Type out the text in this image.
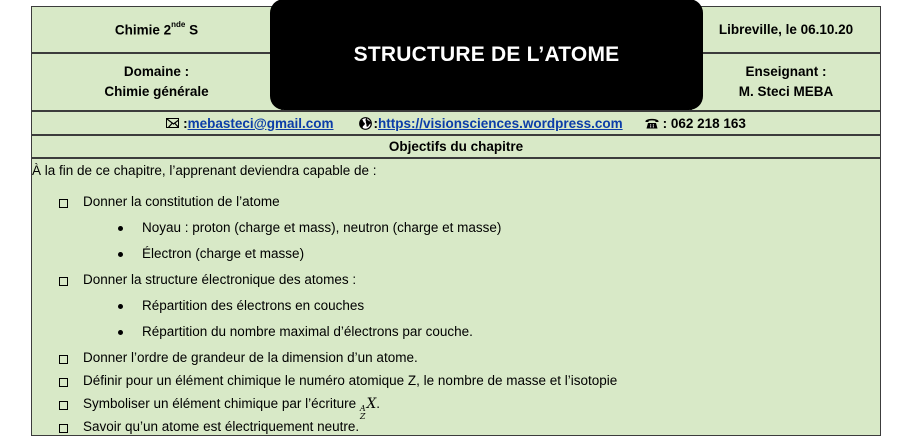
Chimie 2nde S
Domaine :
Chimie générale
Libreville, le 06.10.20
Enseignant :
M. Steci MEBA
STRUCTURE DE L’ATOME
: mebasteci@gmail.com	: https://visionsciences.wordpress.com	: 062 218 163
Objectifs du chapitre
À la fin de ce chapitre, l’apprenant deviendra capable de :
Donner la constitution de l’atome
Noyau : proton (charge et mass), neutron (charge et masse)
Électron (charge et masse)
Donner la structure électronique des atomes :
Répartition des électrons en couches
Répartition du nombre maximal d’électrons par couche.
Donner l’ordre de grandeur de la dimension d’un atome.
Définir pour un élément chimique le numéro atomique Z, le nombre de masse et l’isotopie
Symboliser un élément chimique par l’écriture A
Z
X.
Savoir qu’un atome est électriquement neutre.
